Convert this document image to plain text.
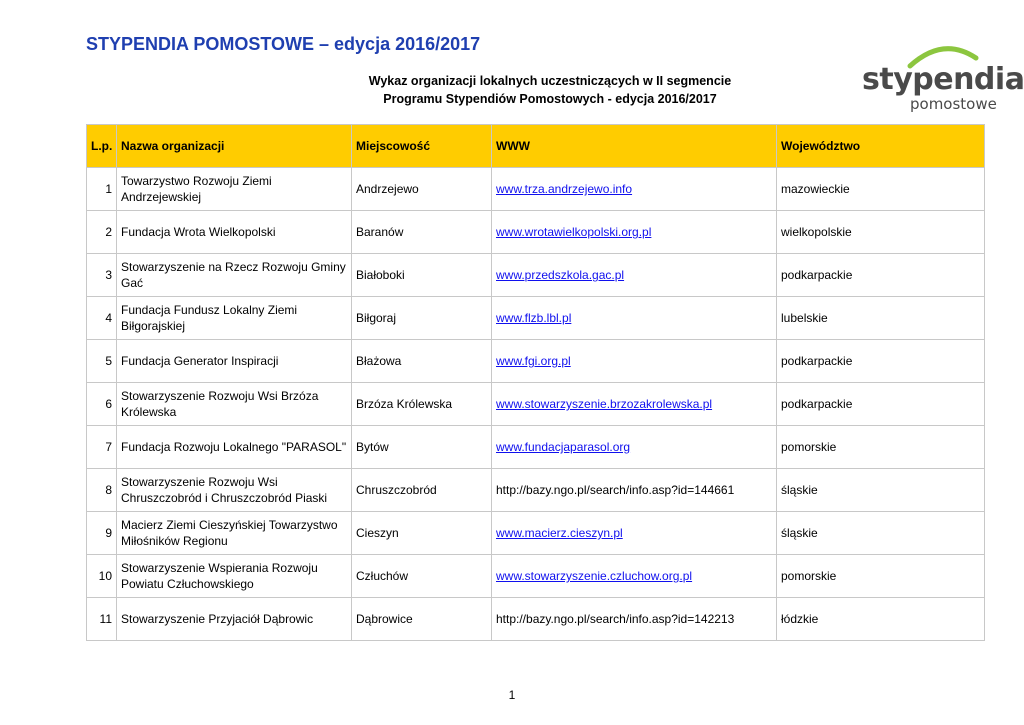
STYPENDIA POMOSTOWE – edycja 2016/2017
Wykaz organizacji lokalnych uczestniczących w II segmencie
Programu Stypendiów Pomostowych - edycja 2016/2017
stypendia
pomostowe
L.p.	Nazwa organizacji	Miejscowość	WWW	Województwo
1	Towarzystwo Rozwoju Ziemi Andrzejewskiej	Andrzejewo	www.trza.andrzejewo.info	mazowieckie
2	Fundacja Wrota Wielkopolski	Baranów	www.wrotawielkopolski.org.pl	wielkopolskie
3	Stowarzyszenie na Rzecz Rozwoju Gminy Gać	Białoboki	www.przedszkola.gac.pl	podkarpackie
4	Fundacja Fundusz Lokalny Ziemi Biłgorajskiej	Biłgoraj	www.flzb.lbl.pl	lubelskie
5	Fundacja Generator Inspiracji	Błażowa	www.fgi.org.pl	podkarpackie
6	Stowarzyszenie Rozwoju Wsi Brzóza Królewska	Brzóza Królewska	www.stowarzyszenie.brzozakrolewska.pl	podkarpackie
7	Fundacja Rozwoju Lokalnego "PARASOL"	Bytów	www.fundacjaparasol.org	pomorskie
8	Stowarzyszenie Rozwoju Wsi Chruszczobród i Chruszczobród Piaski	Chruszczobród	http://bazy.ngo.pl/search/info.asp?id=144661	śląskie
9	Macierz Ziemi Cieszyńskiej Towarzystwo Miłośników Regionu	Cieszyn	www.macierz.cieszyn.pl	śląskie
10	Stowarzyszenie Wspierania Rozwoju Powiatu Człuchowskiego	Człuchów	www.stowarzyszenie.czluchow.org.pl	pomorskie
11	Stowarzyszenie Przyjaciół Dąbrowic	Dąbrowice	http://bazy.ngo.pl/search/info.asp?id=142213	łódzkie
1
